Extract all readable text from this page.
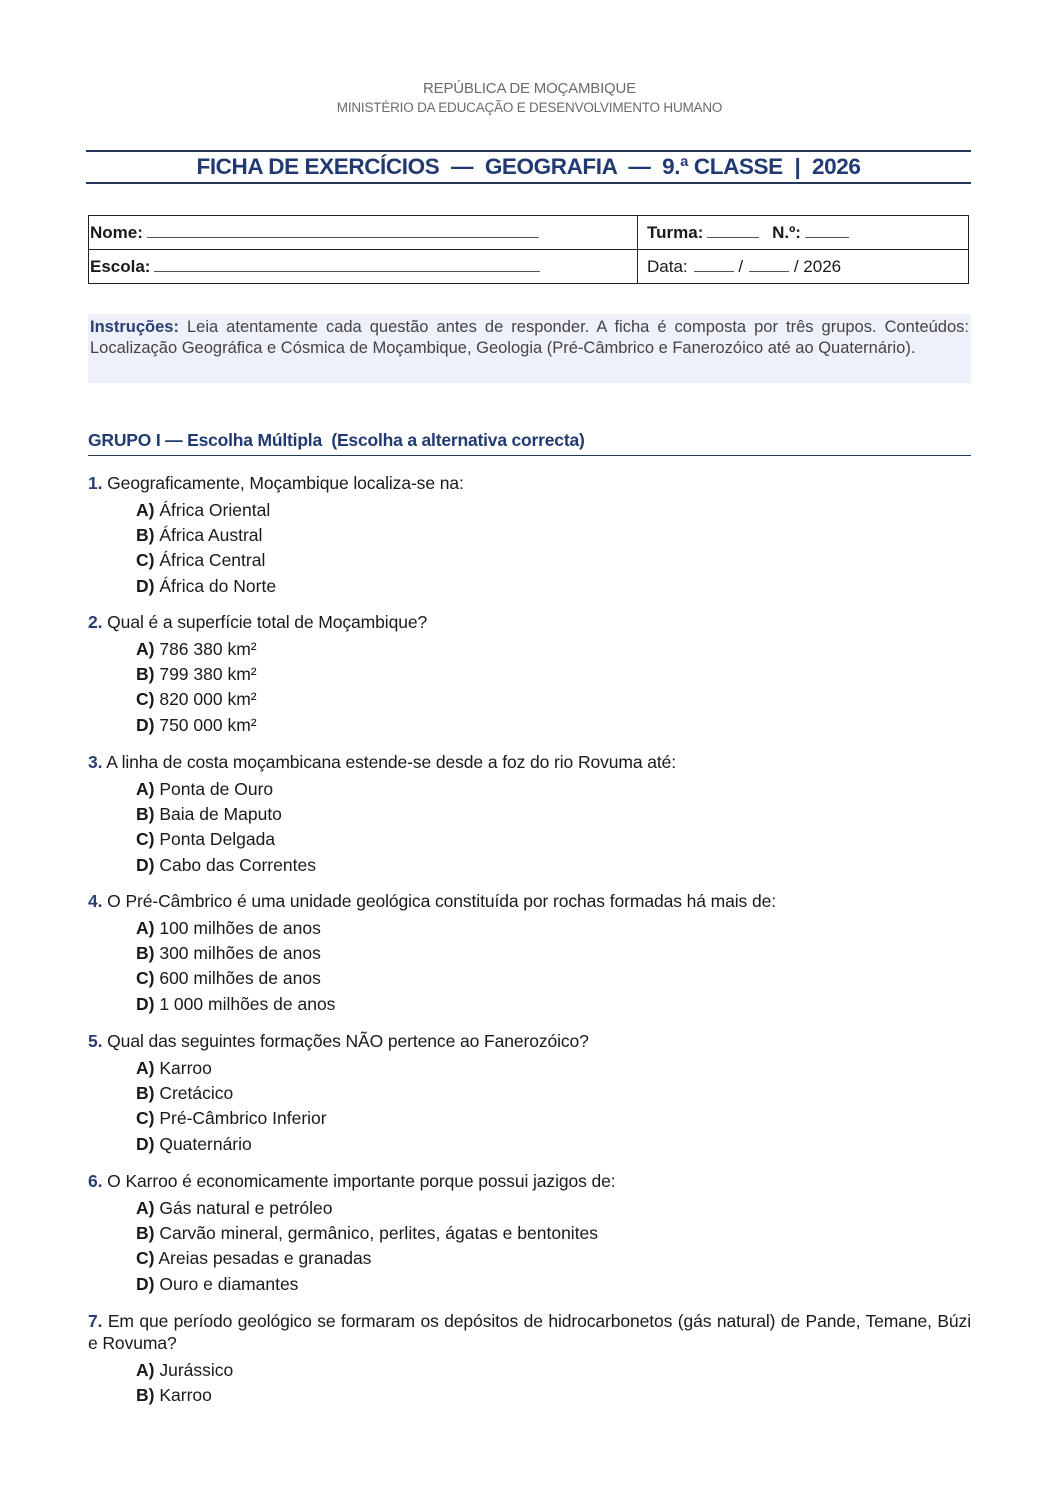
REPÚBLICA DE MOÇAMBIQUE
MINISTÉRIO DA EDUCAÇÃO E DESENVOLVIMENTO HUMANO
FICHA DE EXERCÍCIOS  —  GEOGRAFIA  —  9.ª CLASSE  |  2026
Nome:	Turma: N.º:
Escola:	Data: / / 2026
Instruções: Leia atentamente cada questão antes de responder. A ficha é composta por três grupos. Conteúdos: Localização Geográfica e Cósmica de Moçambique, Geologia (Pré-Câmbrico e Fanerozóico até ao Quaternário).
GRUPO I — Escolha Múltipla  (Escolha a alternativa correcta)
1. Geograficamente, Moçambique localiza-se na:
A) África Oriental
B) África Austral
C) África Central
D) África do Norte
2. Qual é a superfície total de Moçambique?
A) 786 380 km²
B) 799 380 km²
C) 820 000 km²
D) 750 000 km²
3. A linha de costa moçambicana estende-se desde a foz do rio Rovuma até:
A) Ponta de Ouro
B) Baia de Maputo
C) Ponta Delgada
D) Cabo das Correntes
4. O Pré-Câmbrico é uma unidade geológica constituída por rochas formadas há mais de:
A) 100 milhões de anos
B) 300 milhões de anos
C) 600 milhões de anos
D) 1 000 milhões de anos
5. Qual das seguintes formações NÃO pertence ao Fanerozóico?
A) Karroo
B) Cretácico
C) Pré-Câmbrico Inferior
D) Quaternário
6. O Karroo é economicamente importante porque possui jazigos de:
A) Gás natural e petróleo
B) Carvão mineral, germânico, perlites, ágatas e bentonites
C) Areias pesadas e granadas
D) Ouro e diamantes
7. Em que período geológico se formaram os depósitos de hidrocarbonetos (gás natural) de Pande, Temane, Búzi e Rovuma?
A) Jurássico
B) Karroo
